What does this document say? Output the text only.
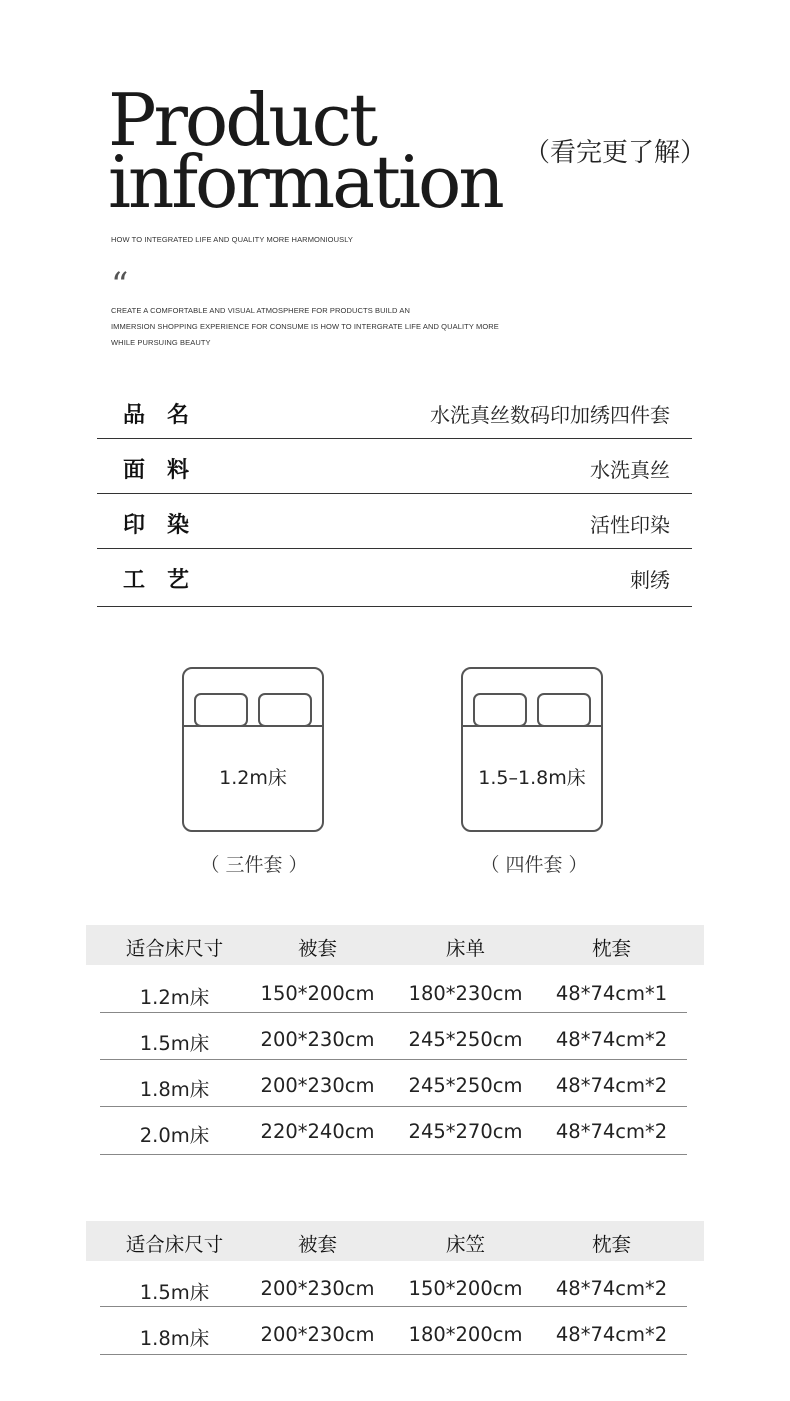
Product
information （看完更了解）
HOW TO INTEGRATED LIFE AND QUALITY MORE HARMONIOUSLY
“
CREATE A COMFORTABLE AND VISUAL ATMOSPHERE FOR PRODUCTS BUILD AN
IMMERSION SHOPPING EXPERIENCE FOR CONSUME IS HOW TO INTERGRATE LIFE AND QUALITY MORE
WHILE PURSUING BEAUTY
品名	水洗真丝数码印加绣四件套
面料	水洗真丝
印染	活性印染
工艺	刺绣
1.2m床
（ 三件套 ）
1.5–1.8m床
（ 四件套 ）
适合床尺寸	被套	床单	枕套
1.2m床	150*200cm	180*230cm	48*74cm*1
1.5m床	200*230cm	245*250cm	48*74cm*2
1.8m床	200*230cm	245*250cm	48*74cm*2
2.0m床	220*240cm	245*270cm	48*74cm*2
适合床尺寸	被套	床笠	枕套
1.5m床	200*230cm	150*200cm	48*74cm*2
1.8m床	200*230cm	180*200cm	48*74cm*2
